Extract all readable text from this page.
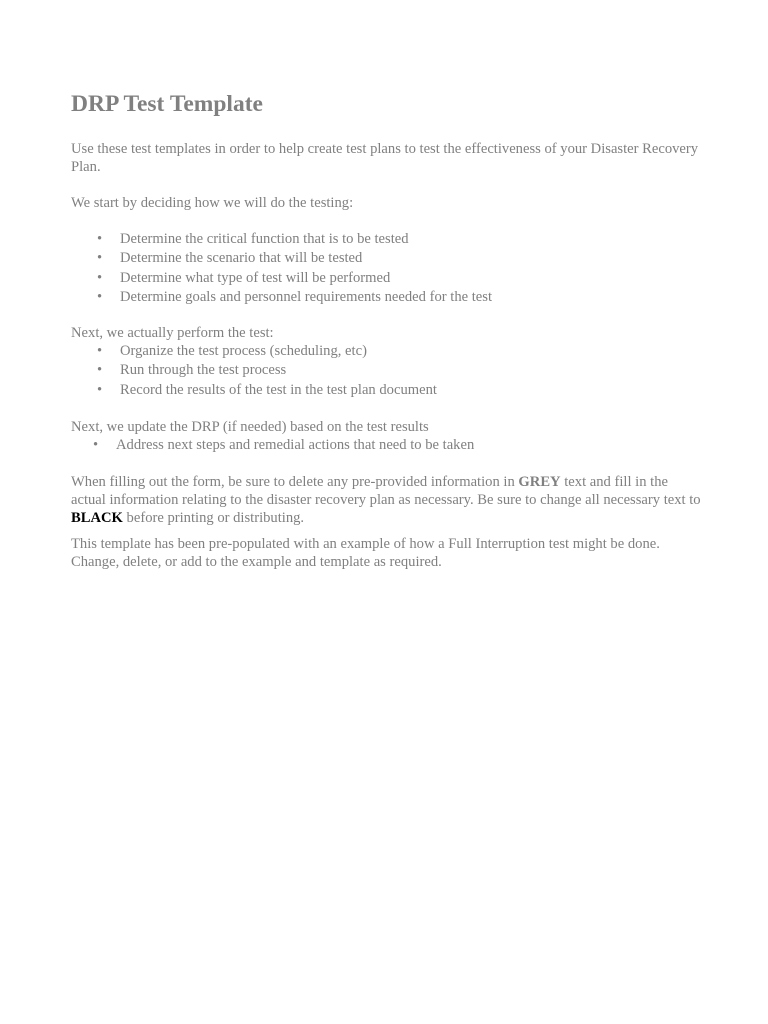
DRP Test Template

Use these test templates in order to help create test plans to test the effectiveness of your Disaster Recovery Plan.

We start by deciding how we will do the testing:

• Determine the critical function that is to be tested
• Determine the scenario that will be tested
• Determine what type of test will be performed
• Determine goals and personnel requirements needed for the test

Next, we actually perform the test:

• Organize the test process (scheduling, etc)
• Run through the test process
• Record the results of the test in the test plan document

Next, we update the DRP (if needed) based on the test results

• Address next steps and remedial actions that need to be taken

When filling out the form, be sure to delete any pre-provided information in GREY text and fill in the actual information relating to the disaster recovery plan as necessary. Be sure to change all necessary text to BLACK before printing or distributing.

This template has been pre-populated with an example of how a Full Interruption test might be done. Change, delete, or add to the example and template as required.
